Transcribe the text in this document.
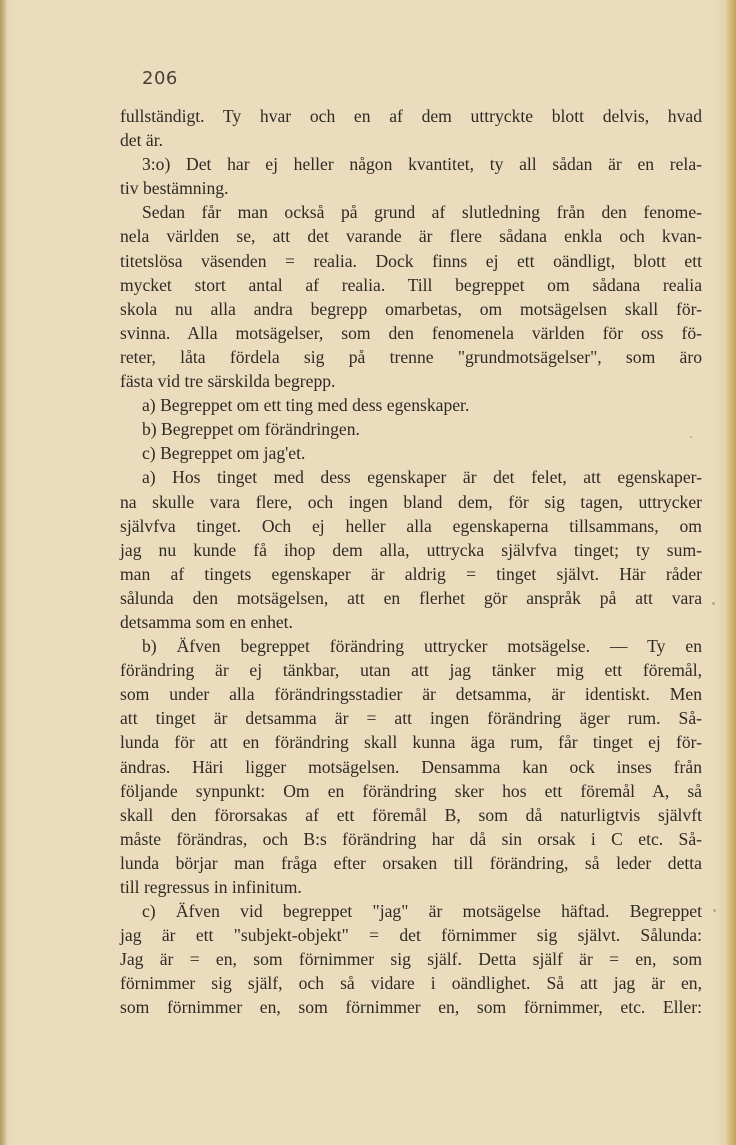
206
fullständigt. Ty hvar och en af dem uttryckte blott delvis, hvad
det är.
3:o) Det har ej heller någon kvantitet, ty all sådan är en rela-
tiv bestämning.
Sedan får man också på grund af slutledning från den fenome-
nela världen se, att det varande är flere sådana enkla och kvan-
titetslösa väsenden = realia. Dock finns ej ett oändligt, blott ett
mycket stort antal af realia. Till begreppet om sådana realia
skola nu alla andra begrepp omarbetas, om motsägelsen skall för-
svinna. Alla motsägelser, som den fenomenela världen för oss fö-
reter, låta fördela sig på trenne "grundmotsägelser", som äro
fästa vid tre särskilda begrepp.
a) Begreppet om ett ting med dess egenskaper.
b) Begreppet om förändringen.
c) Begreppet om jag'et.
a) Hos tinget med dess egenskaper är det felet, att egenskaper-
na skulle vara flere, och ingen bland dem, för sig tagen, uttrycker
självfva tinget. Och ej heller alla egenskaperna tillsammans, om
jag nu kunde få ihop dem alla, uttrycka självfva tinget; ty sum-
man af tingets egenskaper är aldrig = tinget självt. Här råder
sålunda den motsägelsen, att en flerhet gör anspråk på att vara
detsamma som en enhet.
b) Äfven begreppet förändring uttrycker motsägelse. — Ty en
förändring är ej tänkbar, utan att jag tänker mig ett föremål,
som under alla förändringsstadier är detsamma, är identiskt. Men
att tinget är detsamma är = att ingen förändring äger rum. Så-
lunda för att en förändring skall kunna äga rum, får tinget ej för-
ändras. Häri ligger motsägelsen. Densamma kan ock inses från
följande synpunkt: Om en förändring sker hos ett föremål A, så
skall den förorsakas af ett föremål B, som då naturligtvis självft
måste förändras, och B:s förändring har då sin orsak i C etc. Så-
lunda börjar man fråga efter orsaken till förändring, så leder detta
till regressus in infinitum.
c) Äfven vid begreppet "jag" är motsägelse häftad. Begreppet
jag är ett "subjekt-objekt" = det förnimmer sig självt. Sålunda:
Jag är = en, som förnimmer sig själf. Detta själf är = en, som
förnimmer sig själf, och så vidare i oändlighet. Så att jag är en,
som förnimmer en, som förnimmer en, som förnimmer, etc. Eller:
